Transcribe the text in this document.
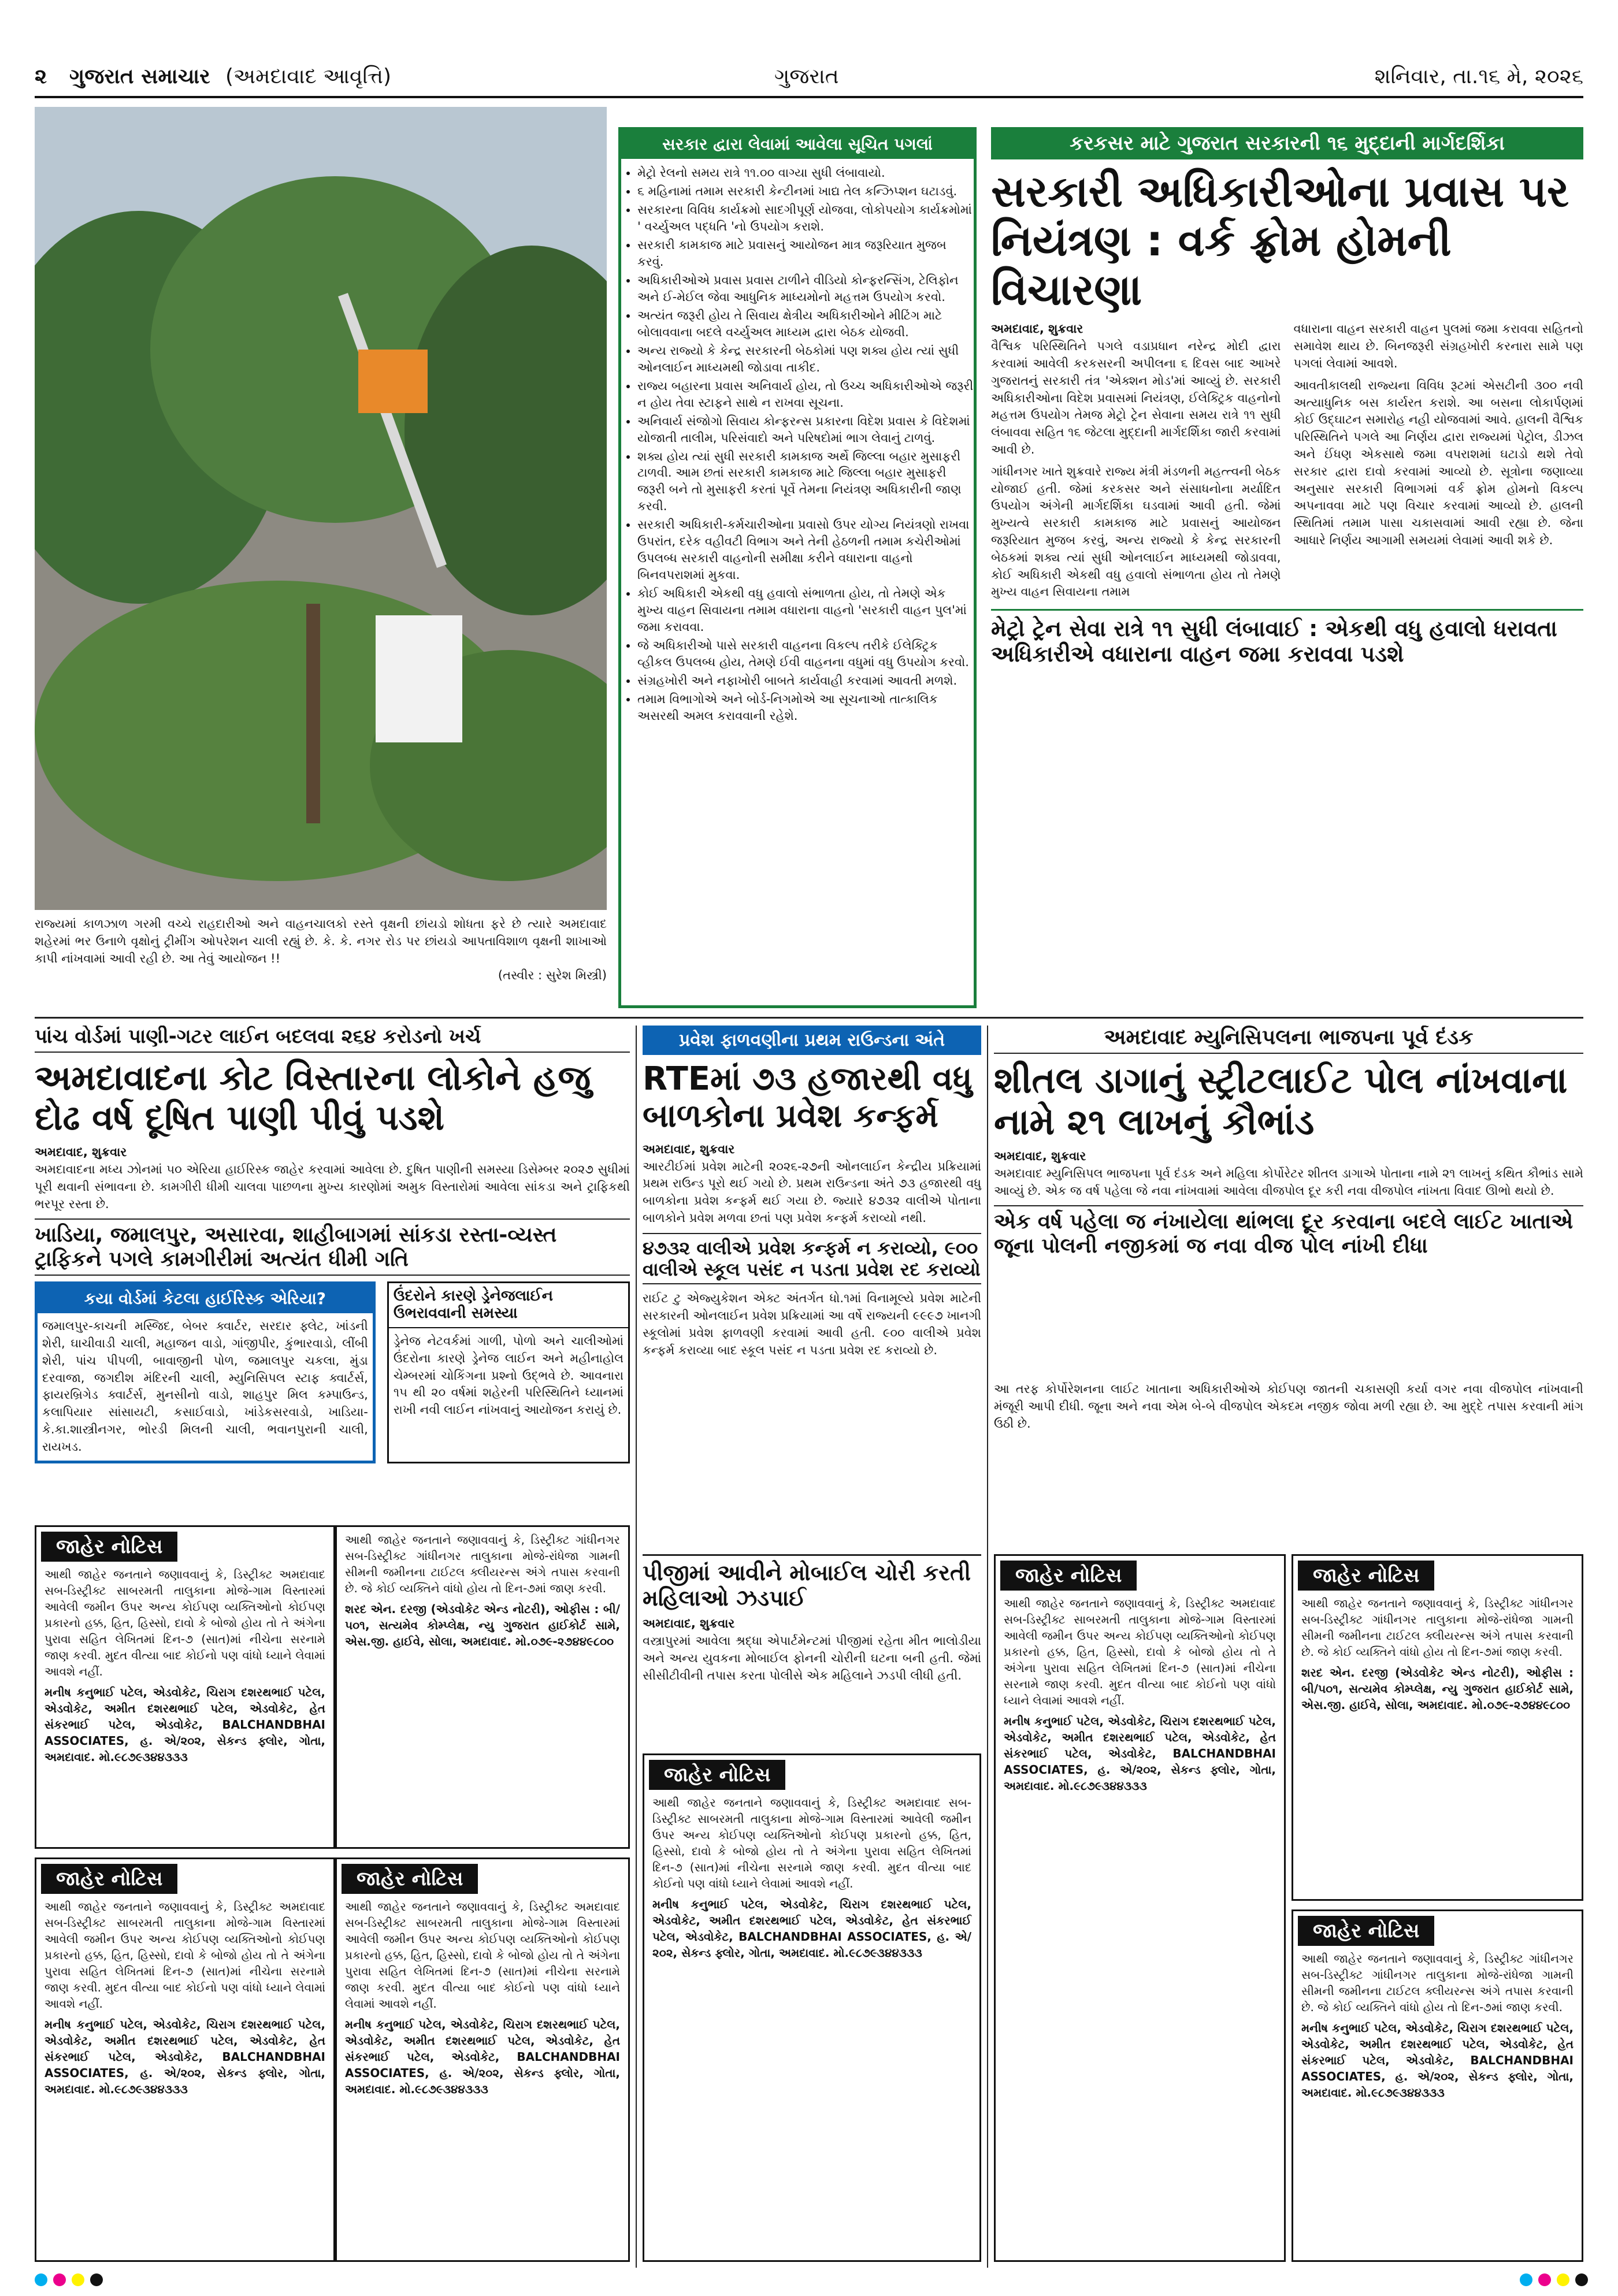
૨ ગુજરાત સમાચાર (અમદાવાદ આવૃત્તિ)	ગુજરાત	શનિવાર, તા.૧૬ મે, ૨૦૨૬
રાજ્યમાં કાળઝાળ ગરમી વચ્ચે રાહદારીઓ અને વાહનચાલકો રસ્તે વૃક્ષની છાંયડો શોધતા ફરે છે ત્યારે અમદાવાદ શહેરમાં ભર ઉનાળે વૃક્ષોનું ટ્રીમીંગ ઓપરેશન ચાલી રહ્યું છે. કે. કે. નગર રોડ પર છાંયડો આપતાવિશાળ વૃક્ષની શાખાઓ કાપી નાંખવામાં આવી રહી છે. આ તેવું આયોજન !!
(તસ્વીર : સુરેશ મિસ્ત્રી)
સરકાર દ્વારા લેવામાં આવેલા સૂચિત પગલાં
• મેટ્રો રેલનો સમય રાત્રે ૧૧.૦૦ વાગ્યા સુધી લંબાવાયો.
• ૬ મહિનામાં તમામ સરકારી કેન્ટીનમાં ખાદ્ય તેલ કન્ઝિપ્શન ઘટાડવું.
• સરકારના વિવિધ કાર્યક્રમો સાદગીપૂર્ણ યોજવા, લોકોપયોગ કાર્યક્રમોમાં ' વર્ચ્યુઅલ પદ્ધતિ 'નો ઉપયોગ કરાશે.
• સરકારી કામકાજ માટે પ્રવાસનું આયોજન માત્ર જરૂરિયાત મુજબ કરવું.
• અધિકારીઓએ પ્રવાસ પ્રવાસ ટાળીને વીડિયો કોન્ફરન્સિંગ, ટેલિફોન અને ઈ-મેઈલ જેવા આધુનિક માધ્યમોનો મહત્તમ ઉપયોગ કરવો.
• અત્યંત જરૂરી હોય તે સિવાય ક્ષેત્રીય અધિકારીઓને મીટિંગ માટે બોલાવવાના બદલે વર્ચ્યુઅલ માધ્યમ દ્વારા બેઠક યોજવી.
• અન્ય રાજ્યો કે કેન્દ્ર સરકારની બેઠકોમાં પણ શક્ય હોય ત્યાં સુધી ઓનલાઈન માધ્યમથી જોડાવા તાકીદ.
• રાજ્ય બહારના પ્રવાસ અનિવાર્ય હોય, તો ઉચ્ચ અધિકારીઓએ જરૂરી ન હોય તેવા સ્ટાફને સાથે ન રાખવા સૂચના.
• અનિવાર્ય સંજોગો સિવાય કોન્ફરન્સ પ્રકારના વિદેશ પ્રવાસ કે વિદેશમાં યોજાતી તાલીમ, પરિસંવાદો અને પરિષદોમાં ભાગ લેવાનું ટાળવું.
• શક્ય હોય ત્યાં સુધી સરકારી કામકાજ અર્થે જિલ્લા બહાર મુસાફરી ટાળવી. આમ છતાં સરકારી કામકાજ માટે જિલ્લા બહાર મુસાફરી જરૂરી બને તો મુસાફરી કરતાં પૂર્વે તેમના નિયંત્રણ અધિકારીની જાણ કરવી.
• સરકારી અધિકારી-કર્મચારીઓના પ્રવાસો ઉપર યોગ્ય નિયંત્રણો રાખવા ઉપરાંત, દરેક વહીવટી વિભાગ અને તેની હેઠળની તમામ કચેરીઓમાં ઉપલબ્ધ સરકારી વાહનોની સમીક્ષા કરીને વધારાના વાહનો બિનવપરાશમાં મુકવા.
• કોઈ અધિકારી એકથી વધુ હવાલો સંભાળતા હોય, તો તેમણે એક મુખ્ય વાહન સિવાયના તમામ વધારાના વાહનો 'સરકારી વાહન પુલ'માં જમા કરાવવા.
• જે અધિકારીઓ પાસે સરકારી વાહનના વિકલ્પ તરીકે ઈલેક્ટ્રિક વ્હીકલ ઉપલબ્ધ હોય, તેમણે ઈવી વાહનના વધુમાં વધુ ઉપયોગ કરવો.
• સંગ્રહખોરી અને નફાખોરી બાબતે કાર્યવાહી કરવામાં આવતી મળશે.
• તમામ વિભાગોએ અને બોર્ડ-નિગમોએ આ સૂચનાઓ તાત્કાલિક અસરથી અમલ કરાવવાની રહેશે.
કરકસર માટે ગુજરાત સરકારની ૧૬ મુદ્દાની માર્ગદર્શિકા
સરકારી અધિકારીઓના પ્રવાસ પર નિયંત્રણ : વર્ક ફ્રોમ હોમની વિચારણા
અમદાવાદ, શુક્રવાર
વૈશ્વિક પરિસ્થિતિને પગલે વડાપ્રધાન નરેન્દ્ર મોદી દ્વારા કરવામાં આવેલી કરકસરની અપીલના ૬ દિવસ બાદ આખરે ગુજરાતનું સરકારી તંત્ર 'એક્શન મોડ'માં આવ્યું છે. સરકારી અધિકારીઓના વિદેશ પ્રવાસમાં નિયંત્રણ, ઈલેક્ટ્રિક વાહનોનો મહત્તમ ઉપયોગ તેમજ મેટ્રો ટ્રેન સેવાના સમય રાત્રે ૧૧ સુધી લંબાવવા સહિત ૧૬ જેટલા મુદ્દાની માર્ગદર્શિકા જારી કરવામાં આવી છે.
ગાંધીનગર ખાતે શુક્રવારે રાજ્ય મંત્રી મંડળની મહત્ત્વની બેઠક યોજાઈ હતી. જેમાં કરકસર અને સંસાધનોના મર્યાદિત ઉપયોગ અંગેની માર્ગદર્શિકા ઘડવામાં આવી હતી. જેમાં મુખ્યત્વે સરકારી કામકાજ માટે પ્રવાસનું આયોજન જરૂરિયાત મુજબ કરવું, અન્ય રાજ્યો કે કેન્દ્ર સરકારની બેઠકમાં શક્ય ત્યાં સુધી ઓનલાઈન માધ્યમથી જોડાવવા, કોઈ અધિકારી એકથી વધુ હવાલો સંભાળતા હોય તો તેમણે મુખ્ય વાહન સિવાયના તમામ
વધારાના વાહન સરકારી વાહન પુલમાં જમા કરાવવા સહિતનો સમાવેશ થાય છે. બિનજરૂરી સંગ્રહખોરી કરનારા સામે પણ પગલાં લેવામાં આવશે.
આવતીકાલથી રાજ્યના વિવિધ રૂટમાં એસટીની ૩૦૦ નવી અત્યાધુનિક બસ કાર્યરત કરાશે. આ બસના લોકાર્પણમાં કોઈ ઉદ્ઘાટન સમારોહ નહી યોજવામાં આવે. હાલની વૈશ્વિક પરિસ્થિતિને પગલે આ નિર્ણય દ્વારા રાજ્યમાં પેટ્રોલ, ડીઝલ અને ઈંધણ એકસાથે જમા વપરાશમાં ઘટાડો થશે તેવો સરકાર દ્વારા દાવો કરવામાં આવ્યો છે. સૂત્રોના જણાવ્યા અનુસાર સરકારી વિભાગમાં વર્ક ફ્રોમ હોમનો વિકલ્પ અપનાવવા માટે પણ વિચાર કરવામાં આવ્યો છે. હાલની સ્થિતિમાં તમામ પાસા ચકાસવામાં આવી રહ્યા છે. જેના આધારે નિર્ણય આગામી સમયમાં લેવામાં આવી શકે છે.
મેટ્રો ટ્રેન સેવા રાત્રે ૧૧ સુધી લંબાવાઈ : એકથી વધુ હવાલો ધરાવતા અધિકારીએ વધારાના વાહન જમા કરાવવા પડશે
પાંચ વોર્ડમાં પાણી-ગટર લાઈન બદલવા ૨૬૪ કરોડનો ખર્ચ
અમદાવાદના કોટ વિસ્તારના લોકોને હજુ દોઢ વર્ષ દૂષિત પાણી પીવું પડશે
અમદાવાદ, શુક્રવાર
અમદાવાદના મધ્ય ઝોનમાં ૫૦ એરિયા હાઈરિસ્ક જાહેર કરવામાં આવેલા છે. દુષિત પાણીની સમસ્યા ડિસેમ્બર ૨૦૨૭ સુધીમાં પૂરી થવાની સંભાવના છે. કામગીરી ધીમી ચાલવા પાછળના મુખ્ય કારણોમાં અમુક વિસ્તારોમાં આવેલા સાંકડા અને ટ્રાફિકથી ભરપૂર રસ્તા છે.
ખાડિયા, જમાલપુર, અસારવા, શાહીબાગમાં સાંકડા રસ્તા-વ્યસ્ત ટ્રાફિકને પગલે કામગીરીમાં અત્યંત ધીમી ગતિ
કયા વોર્ડમાં કેટલા હાઈરિસ્ક એરિયા?
જમાલપુર-કાચની મસ્જિદ, બેબર ક્વાર્ટર, સરદાર ફ્લેટ, ખાંડની શેરી, ઘાચીવાડી ચાલી, મહાજન વાડો, ગાંજીપીર, કુંભારવાડો, લીંબી શેરી, પાંચ પીપળી, બાવાજીની પોળ, જમાલપુર ચકલા, મુંડા દરવાજા, જગદીશ મંદિરની ચાલી, મ્યુનિસિપલ સ્ટાફ ક્વાર્ટર્સ, ફાયરબ્રિગેડ ક્વાર્ટર્સ, મુનસીનો વાડો, શાહપુર મિલ કમ્પાઉન્ડ, કલાપિયાર સાંસાયટી, કસાઈવાડો, ખાંડેકસરવાડો, ખાડિયા-કે.કા.શાસ્ત્રીનગર, ભોરડી મિલની ચાલી, ભવાનપુરાની ચાલી, રાયખડ.
ઉંદરોને કારણે ડ્રેનેજલાઈન ઉભરાવવાની સમસ્યા
ડ્રેનેજ નેટવર્કમાં ગાળી, પોળો અને ચાલીઓમાં ઉંદરોના કારણે ડ્રેનેજ લાઈન અને મહીનાહોલ ચેમ્બરમાં ચોકિંગના પ્રશ્નો ઉદ્ભવે છે. આવનારા ૧૫ થી ૨૦ વર્ષમાં શહેરની પરિસ્થિતિને ધ્યાનમાં રાખી નવી લાઈન નાંખવાનું આયોજન કરાયું છે.
પ્રવેશ ફાળવણીના પ્રથમ રાઉન્ડના અંતે
RTEમાં ૭૩ હજારથી વધુ બાળકોના પ્રવેશ કન્ફર્મ
અમદાવાદ, શુક્રવાર
આરટીઈમાં પ્રવેશ માટેની ૨૦૨૬-૨૭ની ઓનલાઈન કેન્દ્રીય પ્રક્રિયામાં પ્રથમ રાઉન્ડ પૂરો થઈ ગયો છે. પ્રથમ રાઉન્ડના અંતે ૭૩ હજારથી વધુ બાળકોના પ્રવેશ કન્ફર્મ થઈ ગયા છે. જ્યારે ૪૭૩૨ વાલીએ પોતાના બાળકોને પ્રવેશ મળવા છતાં પણ પ્રવેશ કન્ફર્મ કરાવ્યો નથી.
૪૭૩૨ વાલીએ પ્રવેશ કન્ફર્મ ન કરાવ્યો, ૯૦૦ વાલીએ સ્કૂલ પસંદ ન પડતા પ્રવેશ રદ કરાવ્યો
રાઈટ ટુ એજ્યુકેશન એક્ટ અંતર્ગત ધો.૧માં વિનામૂલ્યે પ્રવેશ માટેની સરકારની ઓનલાઈન પ્રવેશ પ્રક્રિયામાં આ વર્ષે રાજ્યની ૯૯૯૭ ખાનગી સ્કૂલોમાં પ્રવેશ ફાળવણી કરવામાં આવી હતી. ૯૦૦ વાલીએ પ્રવેશ કન્ફર્મ કરાવ્યા બાદ સ્કૂલ પસંદ ન પડતા પ્રવેશ રદ કરાવ્યો છે.
અમદાવાદ મ્યુનિસિપલના ભાજપના પૂર્વ દંડક
શીતલ ડાગાનું સ્ટ્રીટલાઈટ પોલ નાંખવાના નામે ૨૧ લાખનું કૌભાંડ
અમદાવાદ, શુક્રવાર
અમદાવાદ મ્યુનિસિપલ ભાજપના પૂર્વ દંડક અને મહિલા કોર્પોરેટર શીતલ ડાગાએ પોતાના નામે ૨૧ લાખનું કથિત કૌભાંડ સામે આવ્યું છે. એક જ વર્ષ પહેલા જે નવા નાંખવામાં આવેલા વીજપોલ દૂર કરી નવા વીજપોલ નાંખતા વિવાદ ઊભો થયો છે.
એક વર્ષ પહેલા જ નંખાયેલા થાંભલા દૂર કરવાના બદલે લાઈટ ખાતાએ જૂના પોલની નજીકમાં જ નવા વીજ પોલ નાંખી દીધા
આ તરફ કોર્પોરેશનના લાઈટ ખાતાના અધિકારીઓએ કોઈપણ જાતની ચકાસણી કર્યા વગર નવા વીજપોલ નાંખવાની મંજૂરી આપી દીધી. જૂના અને નવા એમ બે-બે વીજપોલ એકદમ નજીક જોવા મળી રહ્યા છે. આ મુદ્દે તપાસ કરવાની માંગ ઉઠી છે.
પીજીમાં આવીને મોબાઈલ ચોરી કરતી મહિલાઓ ઝડપાઈ
અમદાવાદ, શુક્રવાર
વસ્ત્રાપુરમાં આવેલા શ્રદ્ધા એપાર્ટમેન્ટમાં પીજીમાં રહેતા મીત ભાલોડીયા અને અન્ય યુવકના મોબાઈલ ફોનની ચોરીની ઘટના બની હતી. જેમાં સીસીટીવીની તપાસ કરતા પોલીસે એક મહિલાને ઝડપી લીધી હતી.
જાહેર નોટિસ

આથી જાહેર જનતાને જણાવવાનું કે, ડિસ્ટ્રીક્ટ અમદાવાદ સબ-ડિસ્ટ્રીક્ટ સાબરમતી તાલુકાના મોજે-ગામ વિસ્તારમાં આવેલી જમીન ઉપર અન્ય કોઈપણ વ્યક્તિઓનો કોઈપણ પ્રકારનો હક્ક, હિત, હિસ્સો, દાવો કે બોજો હોય તો તે અંગેના પુરાવા સહિત લેખિતમાં દિન-૭ (સાત)માં નીચેના સરનામે જાણ કરવી. મુદત વીત્યા બાદ કોઈનો પણ વાંધો ધ્યાને લેવામાં આવશે નહીં.

મનીષ કનુભાઈ પટેલ, એડવોકેટ, ચિરાગ દશરથભાઈ પટેલ, એડવોકેટ, અમીત દશરથભાઈ પટેલ, એડવોકેટ, હેત સંકરભાઈ પટેલ, એડવોકેટ, BALCHANDBHAI ASSOCIATES, હ. એ/૨૦૨, સેકન્ડ ફ્લોર, ગોતા, અમદાવાદ. મો.૯૮૭૯૩૪૪૩૩૩

આથી જાહેર જનતાને જણાવવાનું કે, ડિસ્ટ્રીક્ટ ગાંધીનગર સબ-ડિસ્ટ્રીક્ટ ગાંધીનગર તાલુકાના મોજે-રાંધેજા ગામની સીમની જમીનના ટાઈટલ ક્લીયરન્સ અંગે તપાસ કરવાની છે. જે કોઈ વ્યક્તિને વાંધો હોય તો દિન-૭માં જાણ કરવી.

શરદ એન. દરજી (એડવોકેટ એન્ડ નોટરી), ઓફીસ : બી/૫૦૧, સત્યમેવ કોમ્પ્લેક્ષ, ન્યુ ગુજરાત હાઈકોર્ટ સામે, એસ.જી. હાઈવે, સોલા, અમદાવાદ. મો.૦૭૯-૨૭૪૪૯૮૦૦

જાહેર નોટિસ

આથી જાહેર જનતાને જણાવવાનું કે, ડિસ્ટ્રીક્ટ અમદાવાદ સબ-ડિસ્ટ્રીક્ટ સાબરમતી તાલુકાના મોજે-ગામ વિસ્તારમાં આવેલી જમીન ઉપર અન્ય કોઈપણ વ્યક્તિઓનો કોઈપણ પ્રકારનો હક્ક, હિત, હિસ્સો, દાવો કે બોજો હોય તો તે અંગેના પુરાવા સહિત લેખિતમાં દિન-૭ (સાત)માં નીચેના સરનામે જાણ કરવી. મુદત વીત્યા બાદ કોઈનો પણ વાંધો ધ્યાને લેવામાં આવશે નહીં.

મનીષ કનુભાઈ પટેલ, એડવોકેટ, ચિરાગ દશરથભાઈ પટેલ, એડવોકેટ, અમીત દશરથભાઈ પટેલ, એડવોકેટ, હેત સંકરભાઈ પટેલ, એડવોકેટ, BALCHANDBHAI ASSOCIATES, હ. એ/૨૦૨, સેકન્ડ ફ્લોર, ગોતા, અમદાવાદ. મો.૯૮૭૯૩૪૪૩૩૩

જાહેર નોટિસ

આથી જાહેર જનતાને જણાવવાનું કે, ડિસ્ટ્રીક્ટ અમદાવાદ સબ-ડિસ્ટ્રીક્ટ સાબરમતી તાલુકાના મોજે-ગામ વિસ્તારમાં આવેલી જમીન ઉપર અન્ય કોઈપણ વ્યક્તિઓનો કોઈપણ પ્રકારનો હક્ક, હિત, હિસ્સો, દાવો કે બોજો હોય તો તે અંગેના પુરાવા સહિત લેખિતમાં દિન-૭ (સાત)માં નીચેના સરનામે જાણ કરવી. મુદત વીત્યા બાદ કોઈનો પણ વાંધો ધ્યાને લેવામાં આવશે નહીં.

મનીષ કનુભાઈ પટેલ, એડવોકેટ, ચિરાગ દશરથભાઈ પટેલ, એડવોકેટ, અમીત દશરથભાઈ પટેલ, એડવોકેટ, હેત સંકરભાઈ પટેલ, એડવોકેટ, BALCHANDBHAI ASSOCIATES, હ. એ/૨૦૨, સેકન્ડ ફ્લોર, ગોતા, અમદાવાદ. મો.૯૮૭૯૩૪૪૩૩૩

જાહેર નોટિસ

આથી જાહેર જનતાને જણાવવાનું કે, ડિસ્ટ્રીક્ટ અમદાવાદ સબ-ડિસ્ટ્રીક્ટ સાબરમતી તાલુકાના મોજે-ગામ વિસ્તારમાં આવેલી જમીન ઉપર અન્ય કોઈપણ વ્યક્તિઓનો કોઈપણ પ્રકારનો હક્ક, હિત, હિસ્સો, દાવો કે બોજો હોય તો તે અંગેના પુરાવા સહિત લેખિતમાં દિન-૭ (સાત)માં નીચેના સરનામે જાણ કરવી. મુદત વીત્યા બાદ કોઈનો પણ વાંધો ધ્યાને લેવામાં આવશે નહીં.

મનીષ કનુભાઈ પટેલ, એડવોકેટ, ચિરાગ દશરથભાઈ પટેલ, એડવોકેટ, અમીત દશરથભાઈ પટેલ, એડવોકેટ, હેત સંકરભાઈ પટેલ, એડવોકેટ, BALCHANDBHAI ASSOCIATES, હ. એ/૨૦૨, સેકન્ડ ફ્લોર, ગોતા, અમદાવાદ. મો.૯૮૭૯૩૪૪૩૩૩

જાહેર નોટિસ

આથી જાહેર જનતાને જણાવવાનું કે, ડિસ્ટ્રીક્ટ અમદાવાદ સબ-ડિસ્ટ્રીક્ટ સાબરમતી તાલુકાના મોજે-ગામ વિસ્તારમાં આવેલી જમીન ઉપર અન્ય કોઈપણ વ્યક્તિઓનો કોઈપણ પ્રકારનો હક્ક, હિત, હિસ્સો, દાવો કે બોજો હોય તો તે અંગેના પુરાવા સહિત લેખિતમાં દિન-૭ (સાત)માં નીચેના સરનામે જાણ કરવી. મુદત વીત્યા બાદ કોઈનો પણ વાંધો ધ્યાને લેવામાં આવશે નહીં.

મનીષ કનુભાઈ પટેલ, એડવોકેટ, ચિરાગ દશરથભાઈ પટેલ, એડવોકેટ, અમીત દશરથભાઈ પટેલ, એડવોકેટ, હેત સંકરભાઈ પટેલ, એડવોકેટ, BALCHANDBHAI ASSOCIATES, હ. એ/૨૦૨, સેકન્ડ ફ્લોર, ગોતા, અમદાવાદ. મો.૯૮૭૯૩૪૪૩૩૩

જાહેર નોટિસ

આથી જાહેર જનતાને જણાવવાનું કે, ડિસ્ટ્રીક્ટ ગાંધીનગર સબ-ડિસ્ટ્રીક્ટ ગાંધીનગર તાલુકાના મોજે-રાંધેજા ગામની સીમની જમીનના ટાઈટલ ક્લીયરન્સ અંગે તપાસ કરવાની છે. જે કોઈ વ્યક્તિને વાંધો હોય તો દિન-૭માં જાણ કરવી.

શરદ એન. દરજી (એડવોકેટ એન્ડ નોટરી), ઓફીસ : બી/૫૦૧, સત્યમેવ કોમ્પ્લેક્ષ, ન્યુ ગુજરાત હાઈકોર્ટ સામે, એસ.જી. હાઈવે, સોલા, અમદાવાદ. મો.૦૭૯-૨૭૪૪૯૮૦૦

જાહેર નોટિસ

આથી જાહેર જનતાને જણાવવાનું કે, ડિસ્ટ્રીક્ટ ગાંધીનગર સબ-ડિસ્ટ્રીક્ટ ગાંધીનગર તાલુકાના મોજે-રાંધેજા ગામની સીમની જમીનના ટાઈટલ ક્લીયરન્સ અંગે તપાસ કરવાની છે. જે કોઈ વ્યક્તિને વાંધો હોય તો દિન-૭માં જાણ કરવી.

મનીષ કનુભાઈ પટેલ, એડવોકેટ, ચિરાગ દશરથભાઈ પટેલ, એડવોકેટ, અમીત દશરથભાઈ પટેલ, એડવોકેટ, હેત સંકરભાઈ પટેલ, એડવોકેટ, BALCHANDBHAI ASSOCIATES, હ. એ/૨૦૨, સેકન્ડ ફ્લોર, ગોતા, અમદાવાદ. મો.૯૮૭૯૩૪૪૩૩૩
